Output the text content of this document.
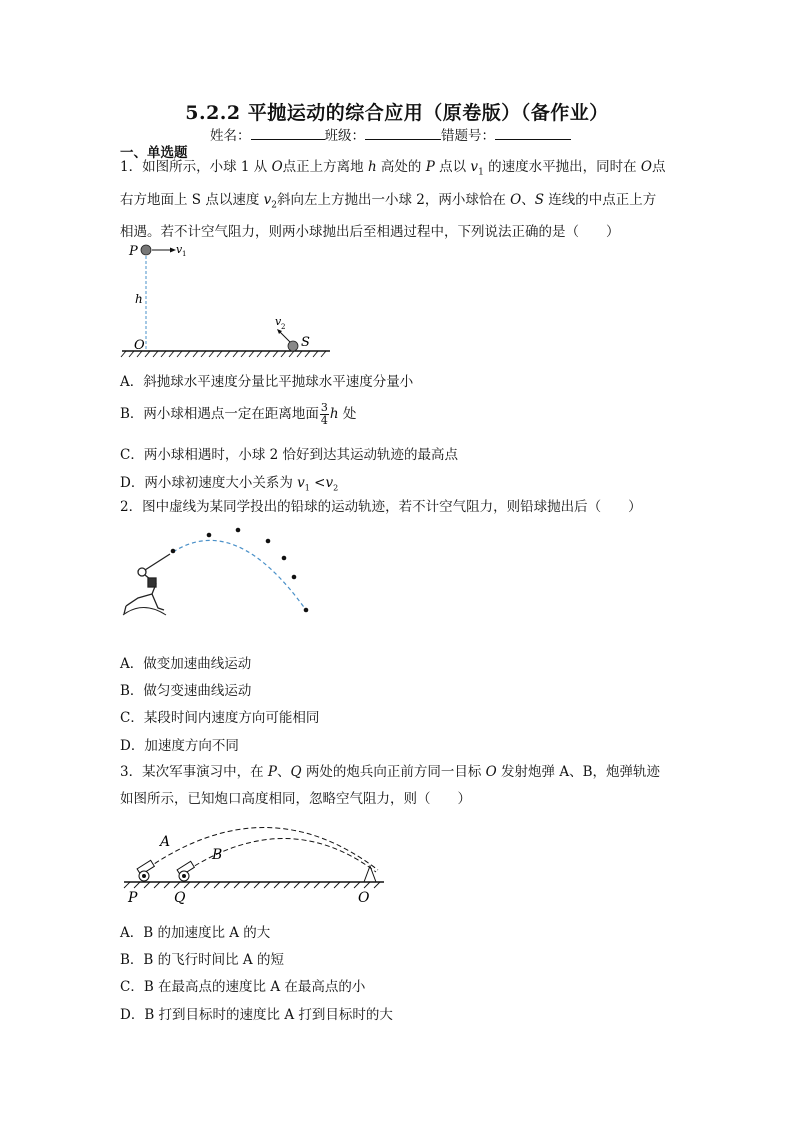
5.2.2 平抛运动的综合应用（原卷版）（备作业）
姓名：	班级：	错题号：
一、单选题
1．如图所示，小球 1 从 O点正上方离地 h 高处的 P 点以 $v_1$ 的速度水平抛出，同时在 O点
右方地面上 S 点以速度 $v_2$斜向左上方抛出一小球 2，两小球恰在 O、S 连线的中点正上方
相遇。若不计空气阻力，则两小球抛出后至相遇过程中，下列说法正确的是（　　）
P	v 1
h
v 2
O	S
A．斜抛球水平速度分量比平抛球水平速度分量小
B．两小球相遇点一定在距离地面 $\frac{3}{4}$ h 处
C．两小球相遇时，小球 2 恰好到达其运动轨迹的最高点
D．两小球初速度大小关系为 $v_1 <v_2$
2．图中虚线为某同学投出的铅球的运动轨迹，若不计空气阻力，则铅球抛出后（　　）
A．做变加速曲线运动
B．做匀变速曲线运动
C．某段时间内速度方向可能相同
D．加速度方向不同
3．某次军事演习中，在 P、Q 两处的炮兵向正前方同一目标 O 发射炮弹 A、B，炮弹轨迹
如图所示，已知炮口高度相同，忽略空气阻力，则（　　）
A
B
P	Q	O
A．B 的加速度比 A 的大
B．B 的飞行时间比 A 的短
C．B 在最高点的速度比 A 在最高点的小
D．B 打到目标时的速度比 A 打到目标时的大
